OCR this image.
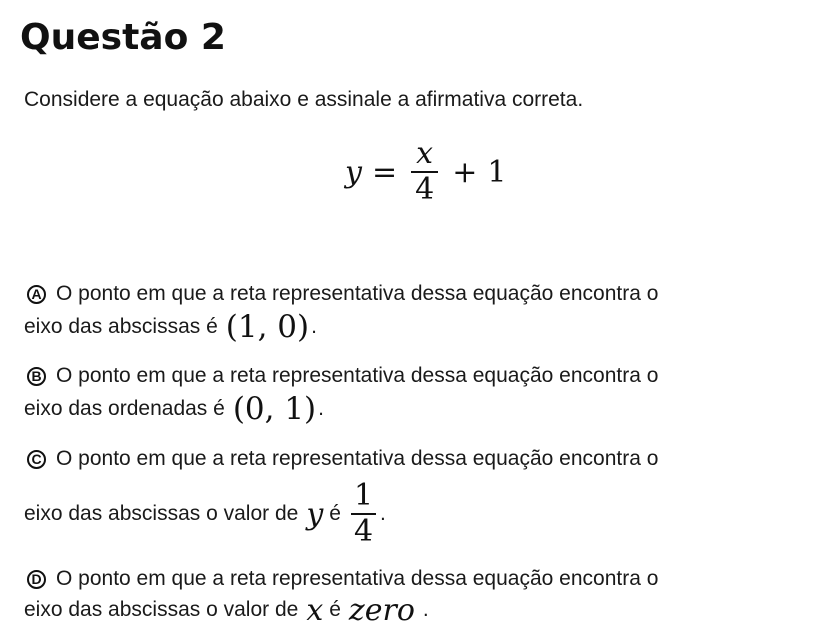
Questão 2
Considere a equação abaixo e assinale a afirmativa correta.
$y = \frac{x}{4} + 1$
A O ponto em que a reta representativa dessa equação encontra o
eixo das abscissas é (1, 0) .
B O ponto em que a reta representativa dessa equação encontra o
eixo das ordenadas é (0, 1) .
C O ponto em que a reta representativa dessa equação encontra o
eixo das abscissas o valor de y é $\frac{1}{4}$ .
D O ponto em que a reta representativa dessa equação encontra o
eixo das abscissas o valor de x é zero .
